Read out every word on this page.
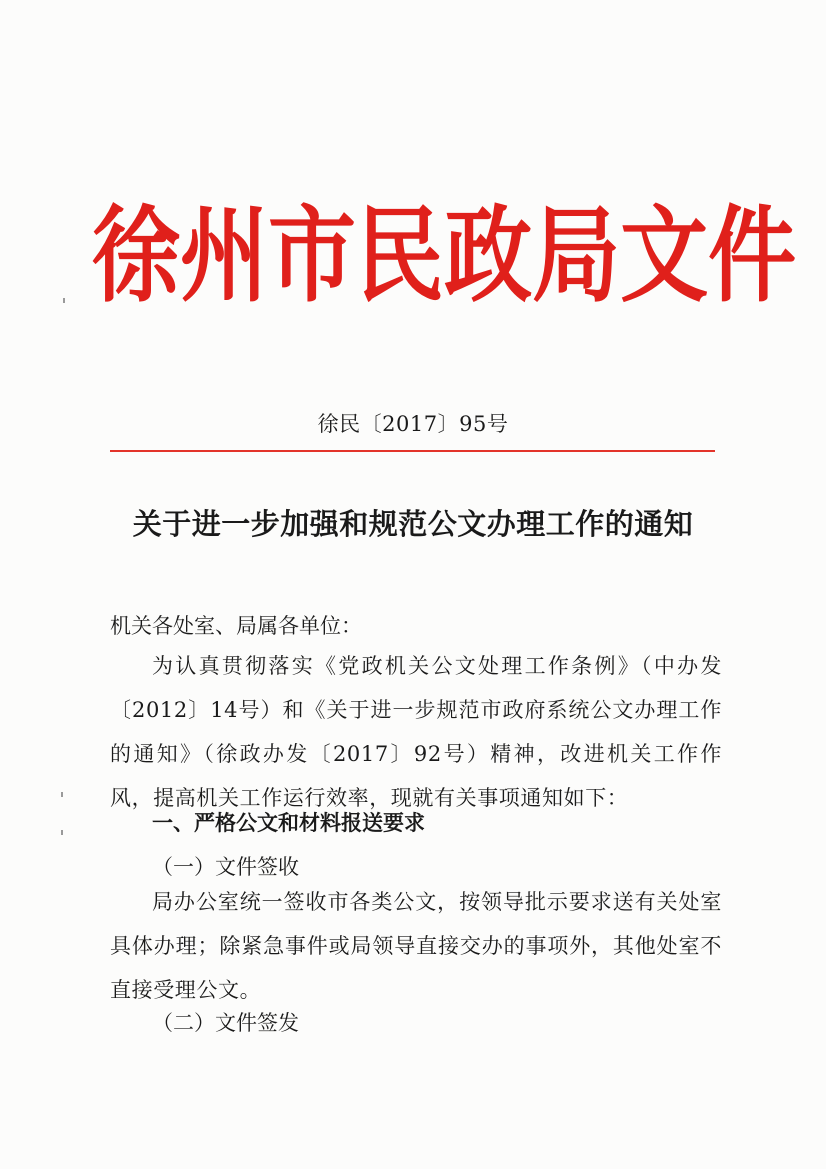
徐 州 市 民 政 局 文 件
徐民〔2017〕95号
关于进一步加强和规范公文办理工作的通知
机关各处室、局属各单位：
为认真贯彻落实《党政机关公文处理工作条例》（中办发〔2012〕14号）和《关于进一步规范市政府系统公文办理工作的通知》（徐政办发〔2017〕92号）精神，改进机关工作作风，提高机关工作运行效率，现就有关事项通知如下：
一、严格公文和材料报送要求
（一）文件签收
局办公室统一签收市各类公文，按领导批示要求送有关处室具体办理；除紧急事件或局领导直接交办的事项外，其他处室不直接受理公文。
（二）文件签发
